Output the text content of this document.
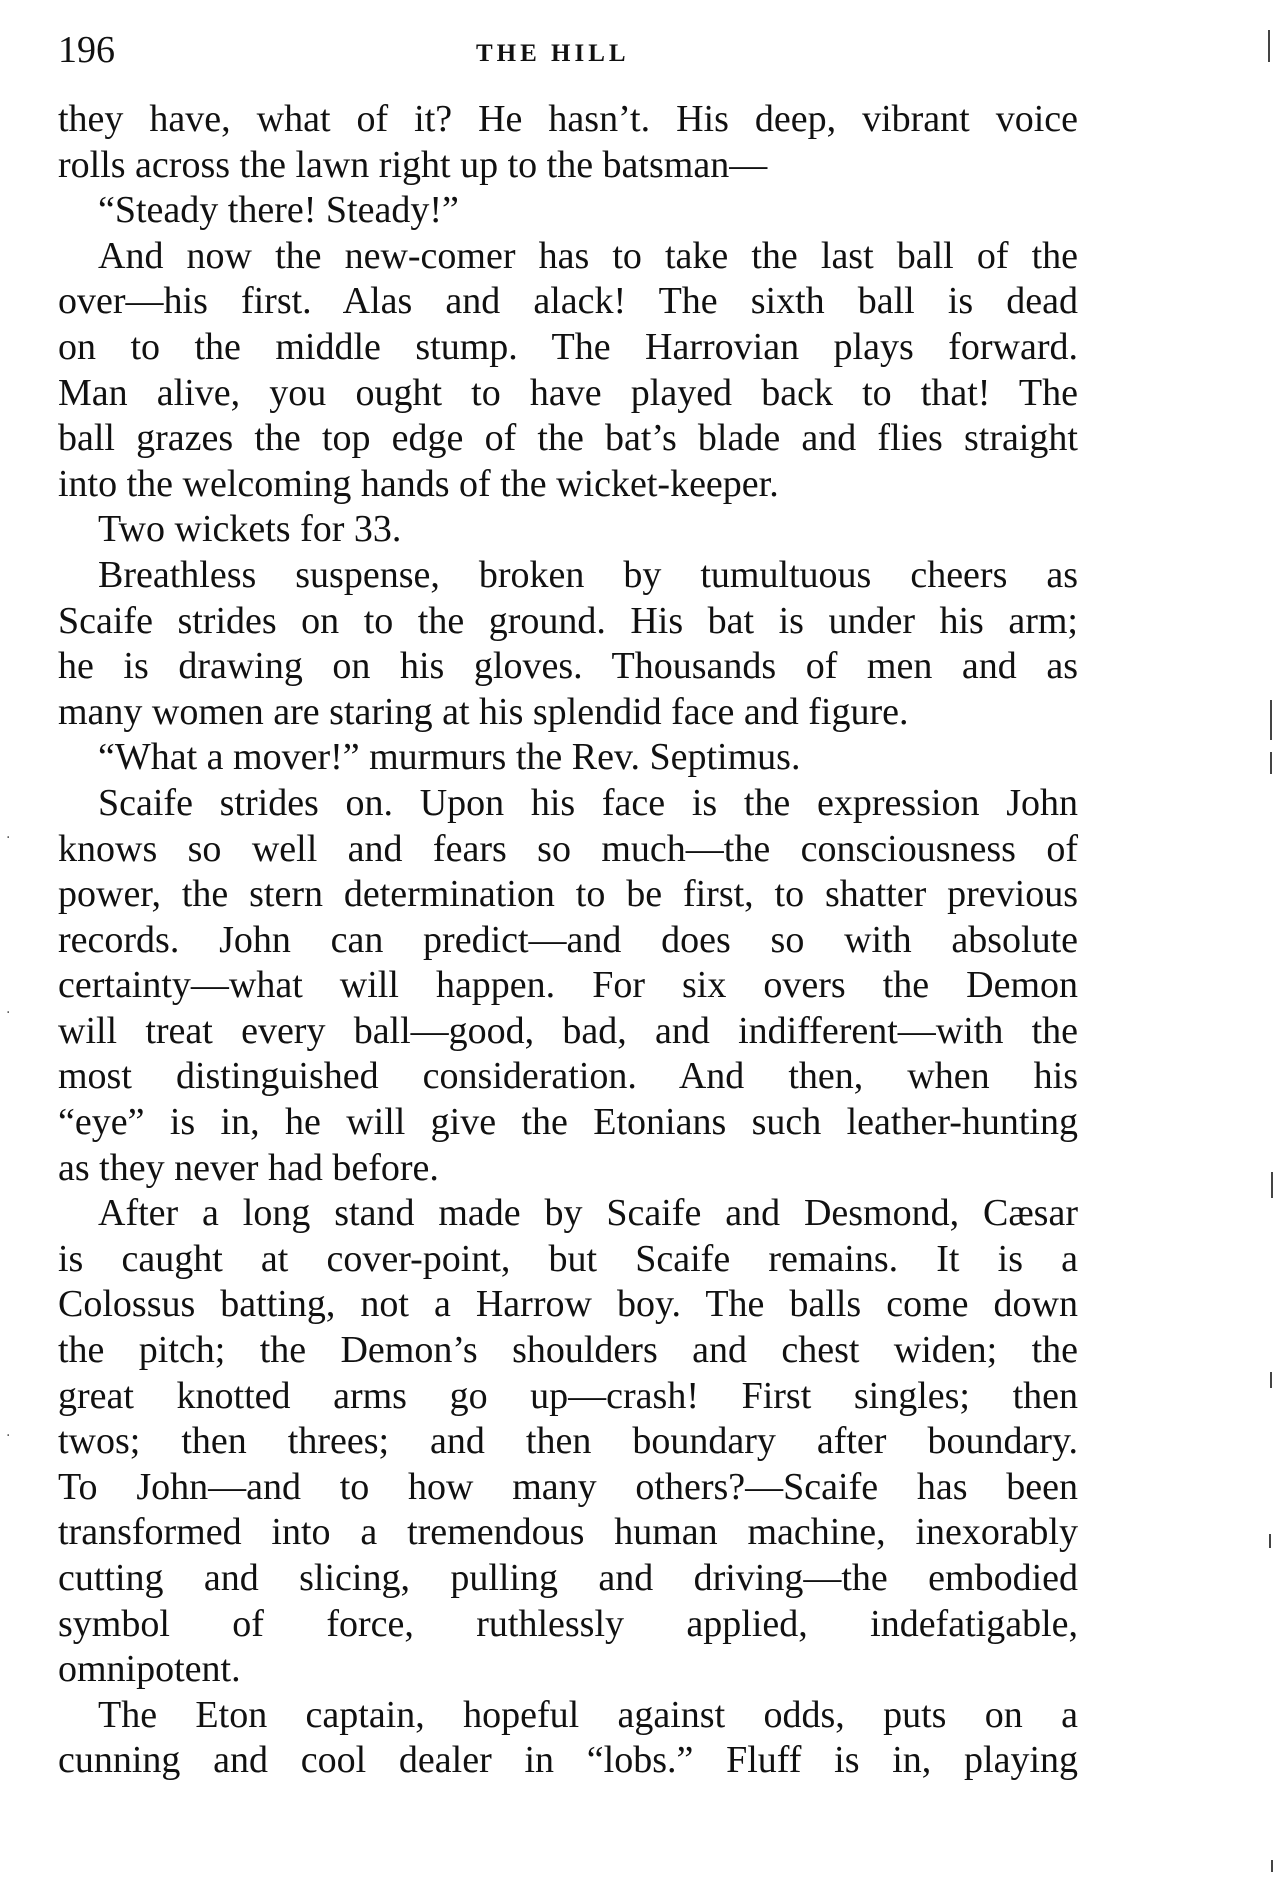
196	THE HILL
they have, what of it? He hasn’t. His deep, vibrant voice
rolls across the lawn right up to the batsman—
“Steady there! Steady!”
And now the new-comer has to take the last ball of the
over—his first. Alas and alack! The sixth ball is dead
on to the middle stump. The Harrovian plays forward.
Man alive, you ought to have played back to that! The
ball grazes the top edge of the bat’s blade and flies straight
into the welcoming hands of the wicket-keeper.
Two wickets for 33.
Breathless suspense, broken by tumultuous cheers as
Scaife strides on to the ground. His bat is under his arm;
he is drawing on his gloves. Thousands of men and as
many women are staring at his splendid face and figure.
“What a mover!” murmurs the Rev. Septimus.
Scaife strides on. Upon his face is the expression John
knows so well and fears so much—the consciousness of
power, the stern determination to be first, to shatter previous
records. John can predict—and does so with absolute
certainty—what will happen. For six overs the Demon
will treat every ball—good, bad, and indifferent—with the
most distinguished consideration. And then, when his
“eye” is in, he will give the Etonians such leather-hunting
as they never had before.
After a long stand made by Scaife and Desmond, Cæsar
is caught at cover-point, but Scaife remains. It is a
Colossus batting, not a Harrow boy. The balls come down
the pitch; the Demon’s shoulders and chest widen; the
great knotted arms go up—crash! First singles; then
twos; then threes; and then boundary after boundary.
To John—and to how many others?—Scaife has been
transformed into a tremendous human machine, inexorably
cutting and slicing, pulling and driving—the embodied
symbol of force, ruthlessly applied, indefatigable,
omnipotent.
The Eton captain, hopeful against odds, puts on a
cunning and cool dealer in “lobs.” Fluff is in, playing
·
·
·
